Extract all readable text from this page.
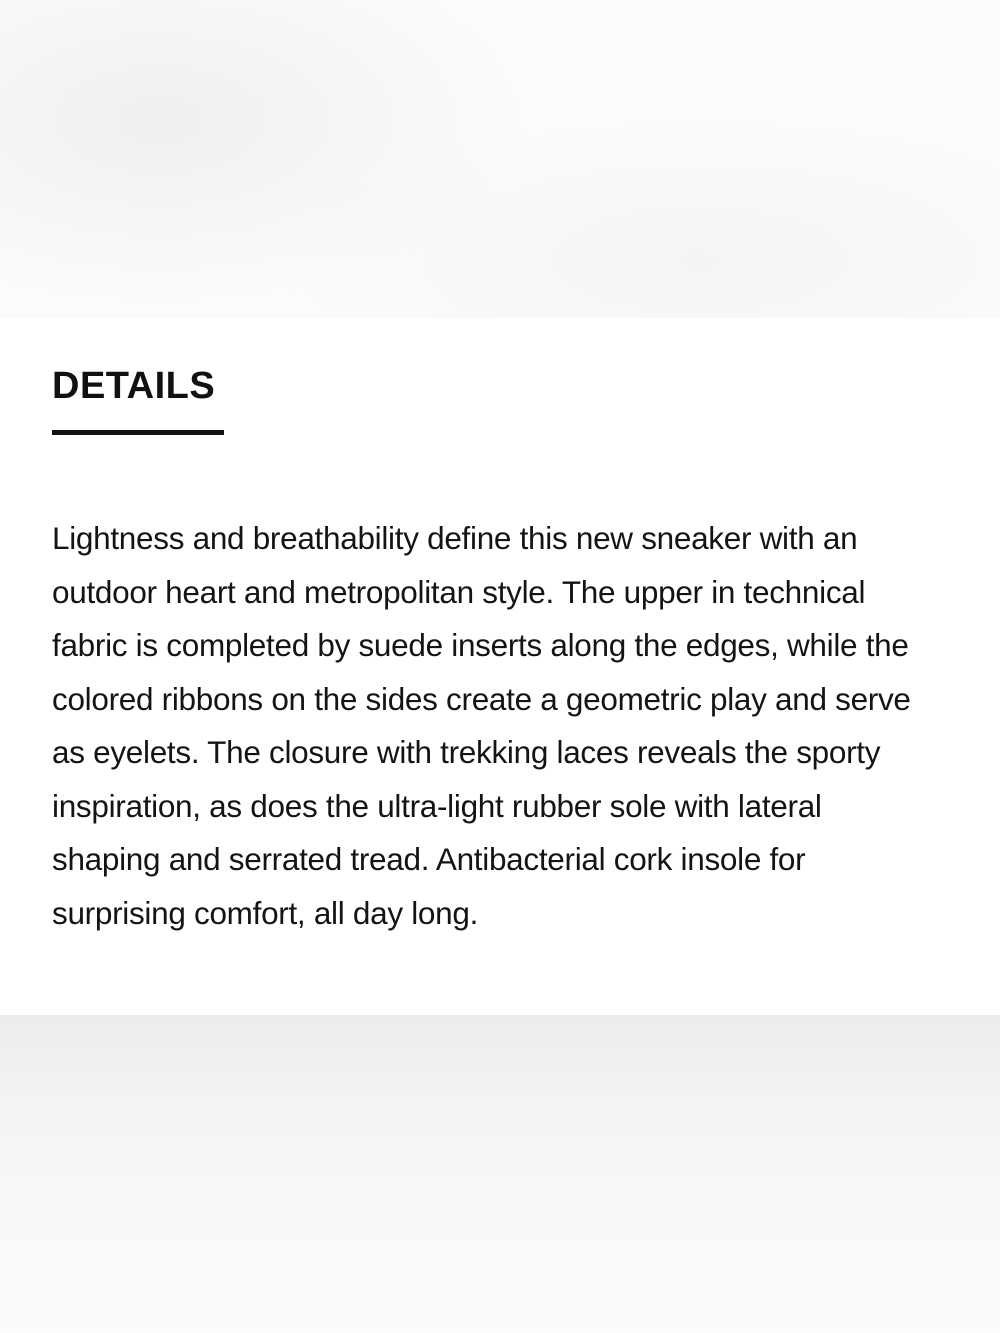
DETAILS

Lightness and breathability define this new sneaker with an outdoor heart and metropolitan style. The upper in technical fabric is completed by suede inserts along the edges, while the colored ribbons on the sides create a geometric play and serve as eyelets. The closure with trekking laces reveals the sporty inspiration, as does the ultra-light rubber sole with lateral shaping and serrated tread. Antibacterial cork insole for surprising comfort, all day long.
